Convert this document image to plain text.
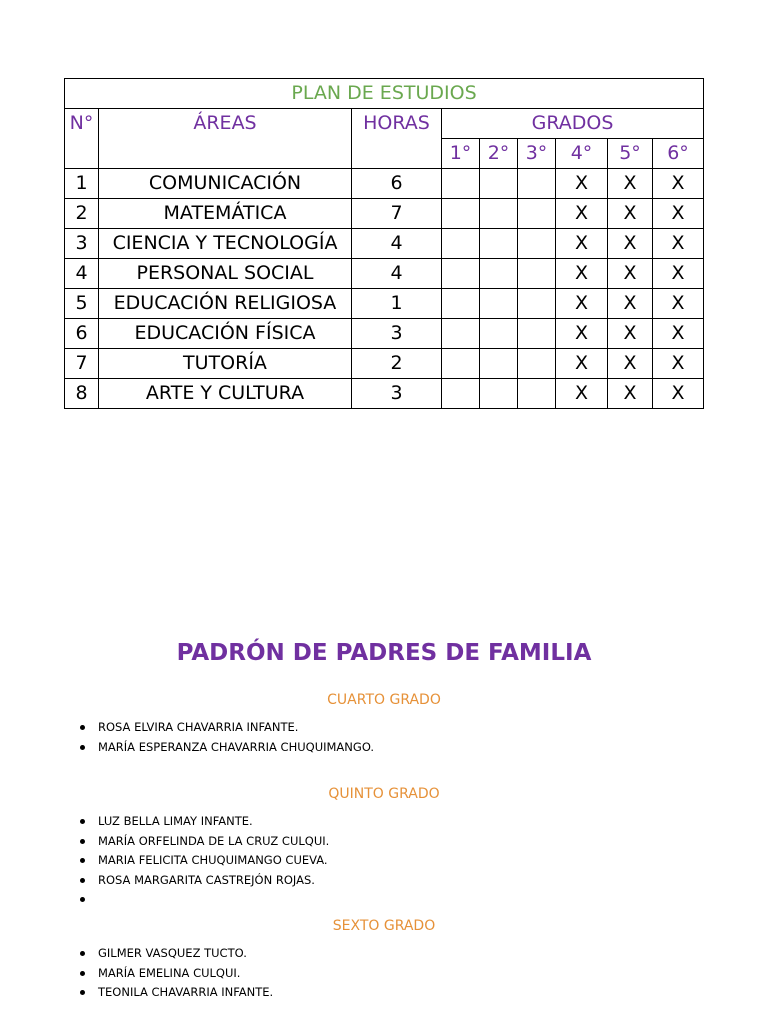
PLAN DE ESTUDIOS								
N°	ÁREAS	HORAS	GRADOS					
			1°	2°	3°	4°	5°	6°
1	COMUNICACIÓN	6				X	X	X
2	MATEMÁTICA	7				X	X	X
3	CIENCIA Y TECNOLOGÍA	4				X	X	X
4	PERSONAL SOCIAL	4				X	X	X
5	EDUCACIÓN RELIGIOSA	1				X	X	X
6	EDUCACIÓN FÍSICA	3				X	X	X
7	TUTORÍA	2				X	X	X
8	ARTE Y CULTURA	3				X	X	X
PADRÓN DE PADRES DE FAMILIA

CUARTO GRADO

ROSA ELVIRA CHAVARRIA INFANTE.
MARÍA ESPERANZA CHAVARRIA CHUQUIMANGO.

QUINTO GRADO

LUZ BELLA LIMAY INFANTE.
MARÍA ORFELINDA DE LA CRUZ CULQUI.
MARIA FELICITA CHUQUIMANGO CUEVA.
ROSA MARGARITA CASTREJÓN ROJAS.

SEXTO GRADO

GILMER VASQUEZ TUCTO.
MARÍA EMELINA CULQUI.
TEONILA CHAVARRIA INFANTE.
